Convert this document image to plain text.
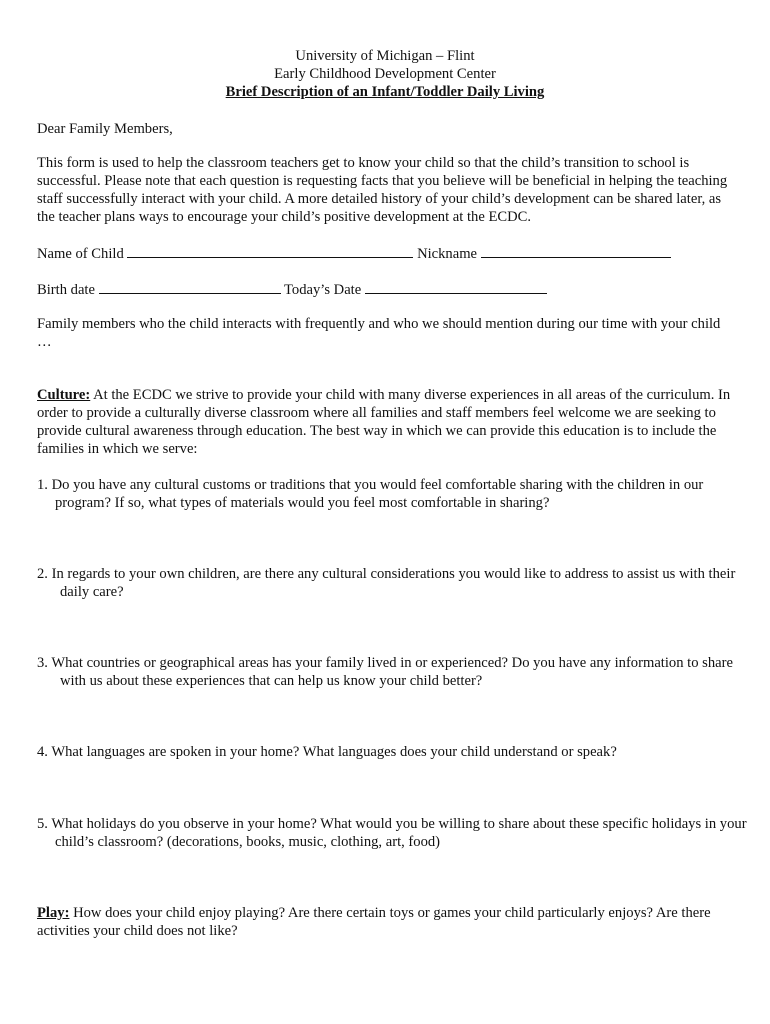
University of Michigan – Flint

Early Childhood Development Center

Brief Description of an Infant/Toddler Daily Living

Dear Family Members,

This form is used to help the classroom teachers get to know your child so that the child’s transition to school is successful. Please note that each question is requesting facts that you believe will be beneficial in helping the teaching staff successfully interact with your child. A more detailed history of your child’s development can be shared later, as the teacher plans ways to encourage your child’s positive development at the ECDC.

Name of Child	Nickname
Birth date	Today’s Date

Family members who the child interacts with frequently and who we should mention during our time with your child …

Culture: At the ECDC we strive to provide your child with many diverse experiences in all areas of the curriculum. In order to provide a culturally diverse classroom where all families and staff members feel welcome we are seeking to provide cultural awareness through education. The best way in which we can provide this education is to include the families in which we serve:

1. Do you have any cultural customs or traditions that you would feel comfortable sharing with the children in our program? If so, what types of materials would you feel most comfortable in sharing?

2. In regards to your own children, are there any cultural considerations you would like to address to assist us with their daily care?

3. What countries or geographical areas has your family lived in or experienced? Do you have any information to share with us about these experiences that can help us know your child better?

4. What languages are spoken in your home? What languages does your child understand or speak?

5. What holidays do you observe in your home? What would you be willing to share about these specific holidays in your child’s classroom? (decorations, books, music, clothing, art, food)

Play: How does your child enjoy playing? Are there certain toys or games your child particularly enjoys? Are there activities your child does not like?
